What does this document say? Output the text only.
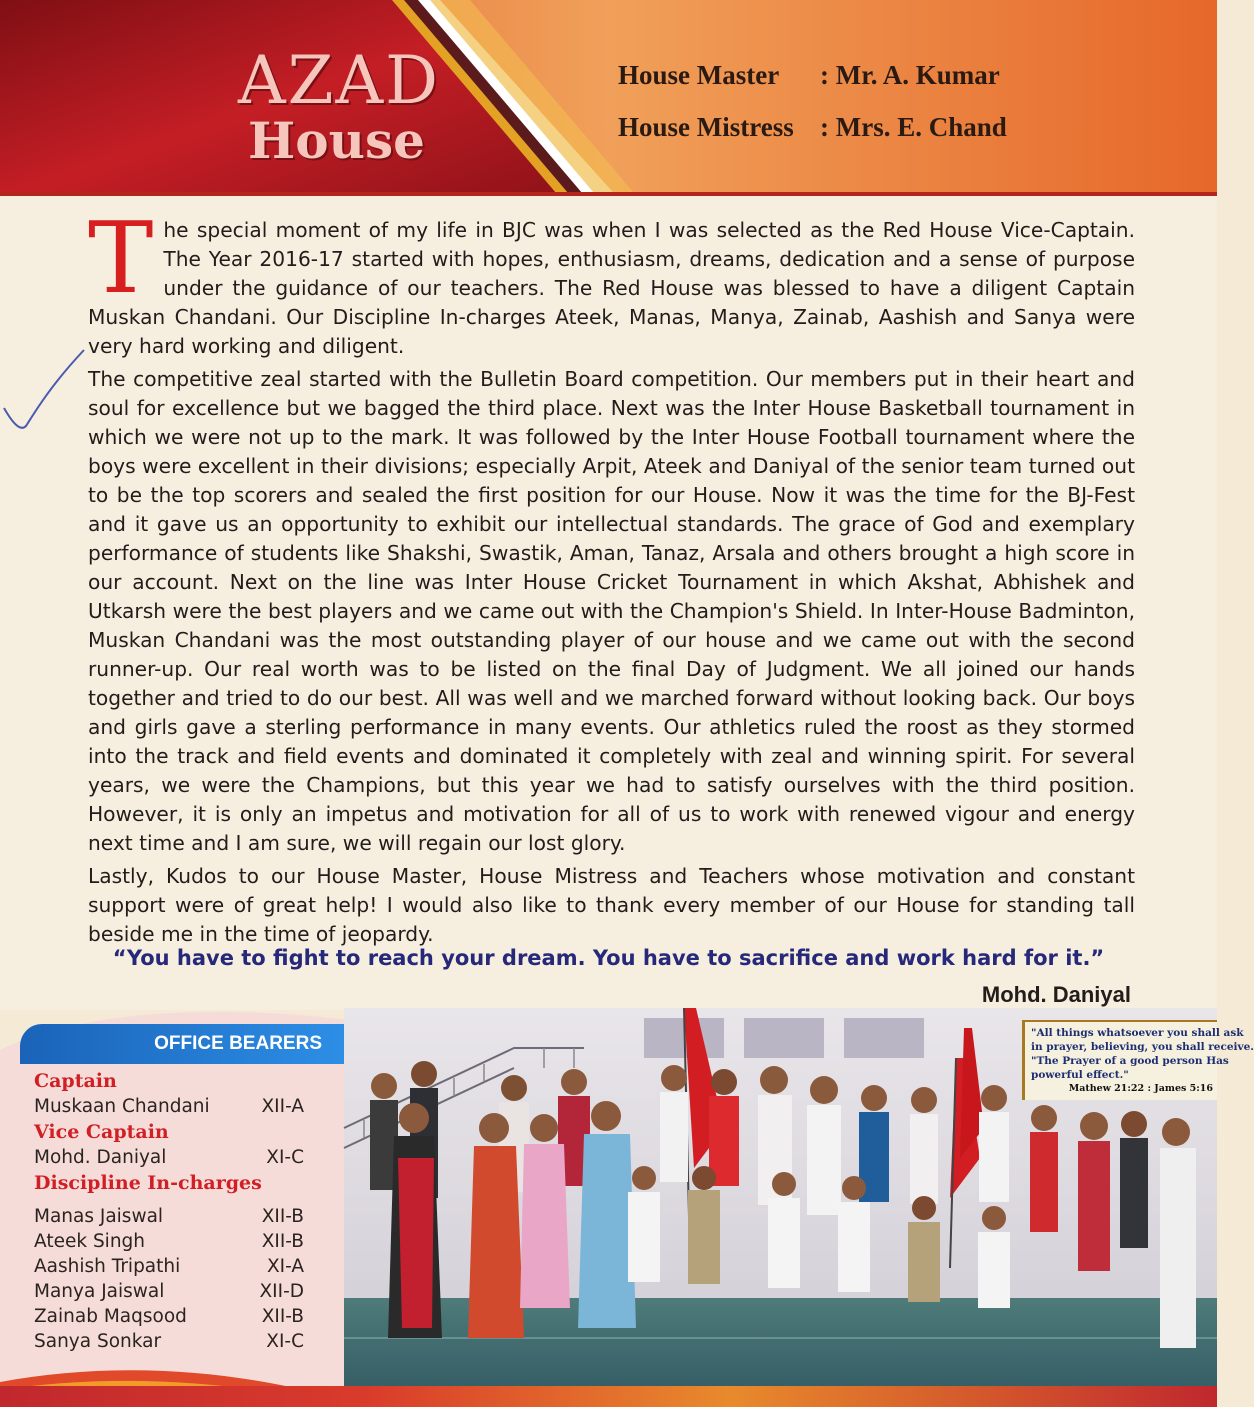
AZAD
House
House Master : Mr. A. Kumar
House Mistress : Mrs. E. Chand

The special moment of my life in BJC was when I was selected as the Red House Vice-Captain. The Year 2016-17 started with hopes, enthusiasm, dreams, dedication and a sense of purpose under the guidance of our teachers. The Red House was blessed to have a diligent Captain Muskan Chandani. Our Discipline In-charges Ateek, Manas, Manya, Zainab, Aashish and Sanya were very hard working and diligent.

The competitive zeal started with the Bulletin Board competition. Our members put in their heart and soul for excellence but we bagged the third place. Next was the Inter House Basketball tournament in which we were not up to the mark. It was followed by the Inter House Football tournament where the boys were excellent in their divisions; especially Arpit, Ateek and Daniyal of the senior team turned out to be the top scorers and sealed the first position for our House. Now it was the time for the BJ-Fest and it gave us an opportunity to exhibit our intellectual standards. The grace of God and exemplary performance of students like Shakshi, Swastik, Aman, Tanaz, Arsala and others brought a high score in our account. Next on the line was Inter House Cricket Tournament in which Akshat, Abhishek and Utkarsh were the best players and we came out with the Champion's Shield. In Inter-House Badminton, Muskan Chandani was the most outstanding player of our house and we came out with the second runner-up. Our real worth was to be listed on the final Day of Judgment. We all joined our hands together and tried to do our best. All was well and we marched forward without looking back. Our boys and girls gave a sterling performance in many events. Our athletics ruled the roost as they stormed into the track and field events and dominated it completely with zeal and winning spirit. For several years, we were the Champions, but this year we had to satisfy ourselves with the third position. However, it is only an impetus and motivation for all of us to work with renewed vigour and energy next time and I am sure, we will regain our lost glory.

Lastly, Kudos to our House Master, House Mistress and Teachers whose motivation and constant support were of great help! I would also like to thank every member of our House for standing tall beside me in the time of jeopardy.

“You have to fight to reach your dream. You have to sacrifice and work hard for it.”
Mohd. Daniyal
OFFICE BEARERS
Captain
Muskaan Chandani	XII-A
Vice Captain
Mohd. Daniyal	XI-C
Discipline In-charges
Manas Jaiswal	XII-B
Ateek Singh	XII-B
Aashish Tripathi	XI-A
Manya Jaiswal	XII-D
Zainab Maqsood	XII-B
Sanya Sonkar	XI-C
"All things whatsoever you shall ask
in prayer, believing, you shall receive.
"The Prayer of a good person Has
powerful effect."
Mathew 21:22 : James 5:16
